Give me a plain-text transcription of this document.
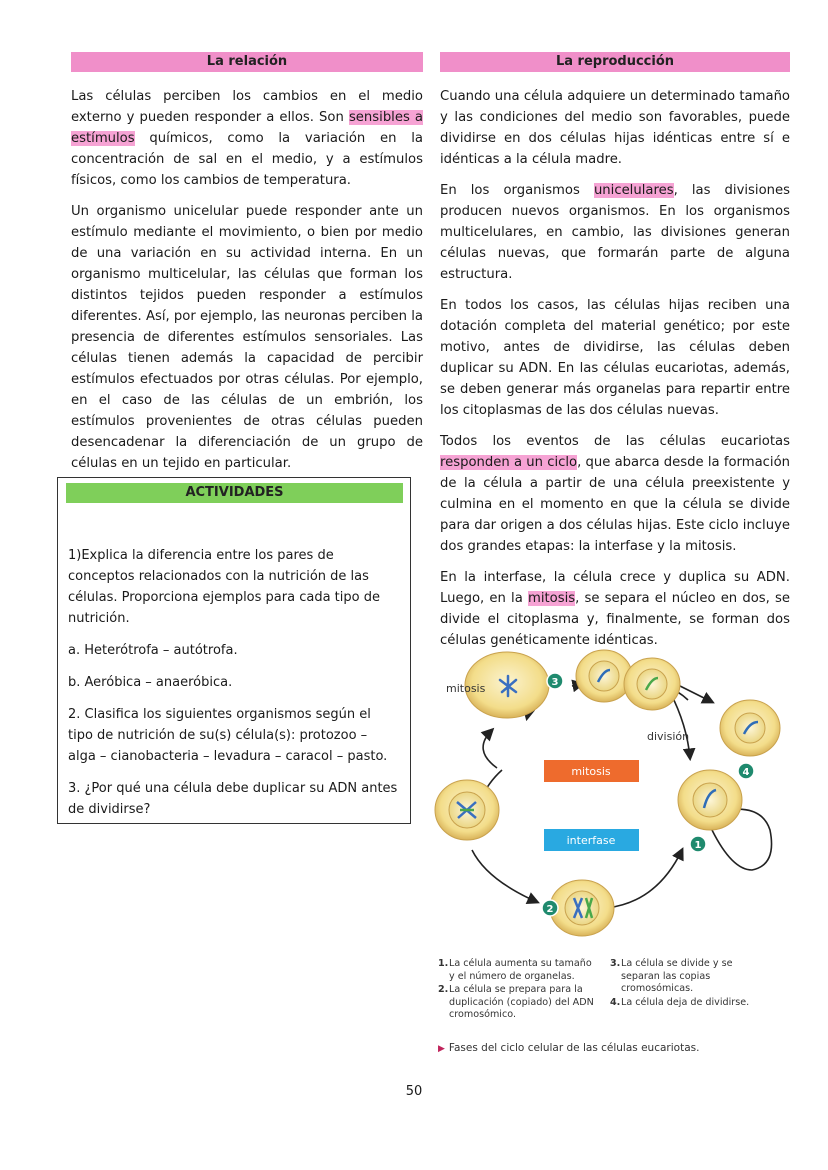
La relación

Las células perciben los cambios en el medio externo y pueden responder a ellos. Son sensibles a estímulos químicos, como la variación en la concentración de sal en el medio, y a estímulos físicos, como los cambios de temperatura.

Un organismo unicelular puede responder ante un estímulo mediante el movimiento, o bien por medio de una variación en su actividad interna. En un organismo multicelular, las células que forman los distintos tejidos pueden responder a estímulos diferentes. Así, por ejemplo, las neuronas perciben la presencia de diferentes estímulos sensoriales. Las células tienen además la capacidad de percibir estímulos efectuados por otras células. Por ejemplo, en el caso de las células de un embrión, los estímulos provenientes de otras células pueden desencadenar la diferenciación de un grupo de células en un tejido en particular.

ACTIVIDADES

1)Explica la diferencia entre los pares de conceptos relacionados con la nutrición de las células. Proporciona ejemplos para cada tipo de nutrición.

a. Heterótrofa – autótrofa.

b. Aeróbica – anaeróbica.

2. Clasifica los siguientes organismos según el tipo de nutrición de su(s) célula(s): protozoo – alga – cianobacteria – levadura – caracol – pasto.

3. ¿Por qué una célula debe duplicar su ADN antes de dividirse?

La reproducción

Cuando una célula adquiere un determinado tamaño y las condiciones del medio son favorables, puede dividirse en dos células hijas idénticas entre sí e idénticas a la célula madre.

En los organismos unicelulares, las divisiones producen nuevos organismos. En los organismos multicelulares, en cambio, las divisiones generan células nuevas, que formarán parte de alguna estructura.

En todos los casos, las células hijas reciben una dotación completa del material genético; por este motivo, antes de dividirse, las células deben duplicar su ADN. En las células eucariotas, además, se deben generar más organelas para repartir entre los citoplasmas de las dos células nuevas.

Todos los eventos de las células eucariotas responden a un ciclo, que abarca desde la formación de la célula a partir de una célula preexistente y culmina en el momento en que la célula se divide para dar origen a dos células hijas. Este ciclo incluye dos grandes etapas: la interfase y la mitosis.

En la interfase, la célula crece y duplica su ADN. Luego, en la mitosis, se separa el núcleo en dos, se divide el citoplasma y, finalmente, se forman dos células genéticamente idénticas.

mitosis	3
división
4
mitosis
interfase	1
2
1. La célula aumenta su tamaño y el número de organelas.
2. La célula se prepara para la duplicación (copiado) del ADN cromosómico.
3. La célula se divide y se separan las copias cromosómicas.
4. La célula deja de dividirse.
▶ Fases del ciclo celular de las células eucariotas.
50
